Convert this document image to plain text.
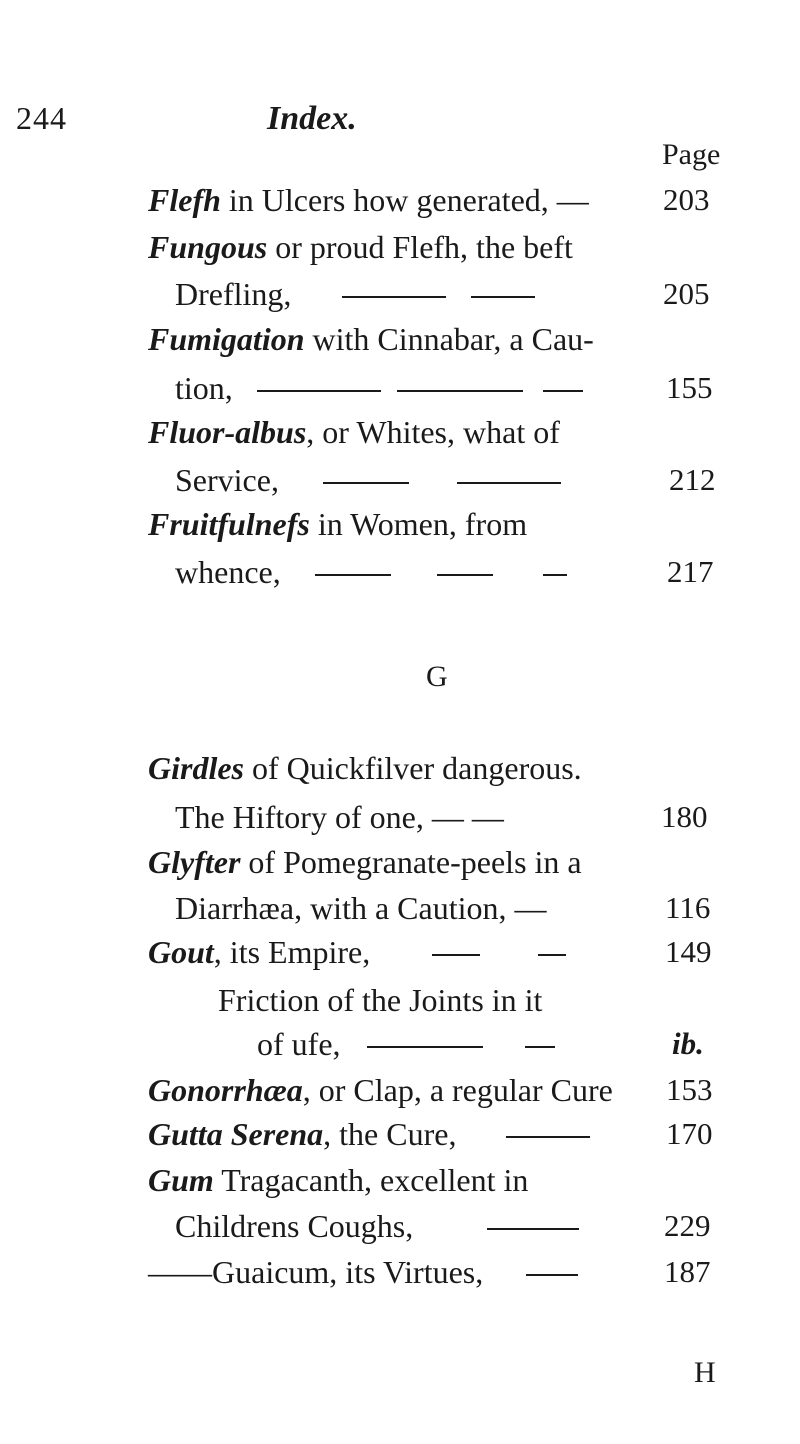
244	Index.
Page
Flefh in Ulcers how generated, — 203
Fungous or proud Flefh, the beft
Drefling,	205
Fumigation with Cinnabar, a Cau-
tion,	155
Fluor-albus, or Whites, what of
Service,	212
Fruitfulnefs in Women, from
whence,	217
G
Girdles of Quickfilver dangerous.
The Hiftory of one, — —	180
Glyfter of Pomegranate-peels in a
Diarrhæa, with a Caution, —	116
Gout, its Empire,	149
Friction of the Joints in it
of ufe,	ib.
Gonorrhæa, or Clap, a regular Cure 153
Gutta Serena, the Cure,	170
Gum Tragacanth, excellent in
Childrens Coughs,	229
——Guaicum, its Virtues,	187
H
